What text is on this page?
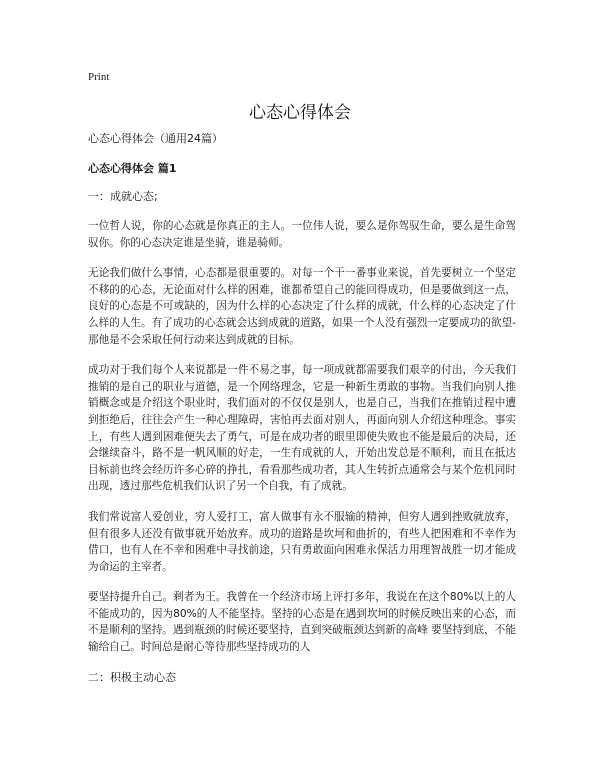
Print
心态心得体会

心态心得体会（通用24篇）

心态心得体会 篇1

一：成就心态;

一位哲人说，你的心态就是你真正的主人。一位伟人说，要么是你驾驭生命，要么是生命驾驭你。你的心态决定谁是坐骑，谁是骑师。

无论我们做什么事情，心态都是很重要的。对每一个干一番事业来说，首先要树立一个坚定不移的的心态，无论面对什么样的困难，谁都希望自己的能回得成功，但是要做到这一点，良好的心态是不可或缺的，因为什么样的心态决定了什么样的成就，什么样的心态决定了什么样的人生。有了成功的心态就会达到成就的道路，如果一个人没有强烈一定要成功的欲望-那他是不会采取任何行动来达到成就的目标。

成功对于我们每个人来说都是一件不易之事，每一项成就都需要我们艰辛的付出，今天我们推销的是自己的职业与道德，是一个网络理念，它是一种新生勇敢的事物。当我们向别人推销概念或是介绍这个职业时，我们面对的不仅仅是别人，也是自己，当我们在推销过程中遭到拒绝后，往往会产生一种心理障碍，害怕再去面对别人，再面向别人介绍这种理念。事实上，有些人遇到困难便失去了勇气，可是在成功者的眼里即使失败也不能是最后的决局，还会继续奋斗，路不是一帆风顺的好走，一生有成就的人，开始出发总是不顺利，而且在抵达目标前也终会经历许多心碎的挣扎，看看那些成功者，其人生转折点通常会与某个危机同时出现，透过那些危机我们认识了另一个自我，有了成就。

我们常说富人爱创业，穷人爱打工，富人做事有永不服输的精神，但穷人遇到挫败就放弃，但有很多人还没有做事就开始放弃。成功的道路是坎坷和曲折的，有些人把困难和不幸作为借口，也有人在不幸和困难中寻找前途，只有勇敢面向困难永保活力用理智战胜一切才能成为命运的主宰者。

要坚持提升自己。剩者为王。我曾在一个经济市场上评打多年，我说在在这个80%以上的人不能成功的，因为80%的人不能坚持。坚持的心态是在遇到坎坷的时候反映出来的心态，而不是顺利的坚持。遇到瓶颈的时候还要坚持，直到突破瓶颈达到新的高峰 要坚持到底，不能输给自己。时间总是耐心等待那些坚持成功的人

二：积极主动心态
